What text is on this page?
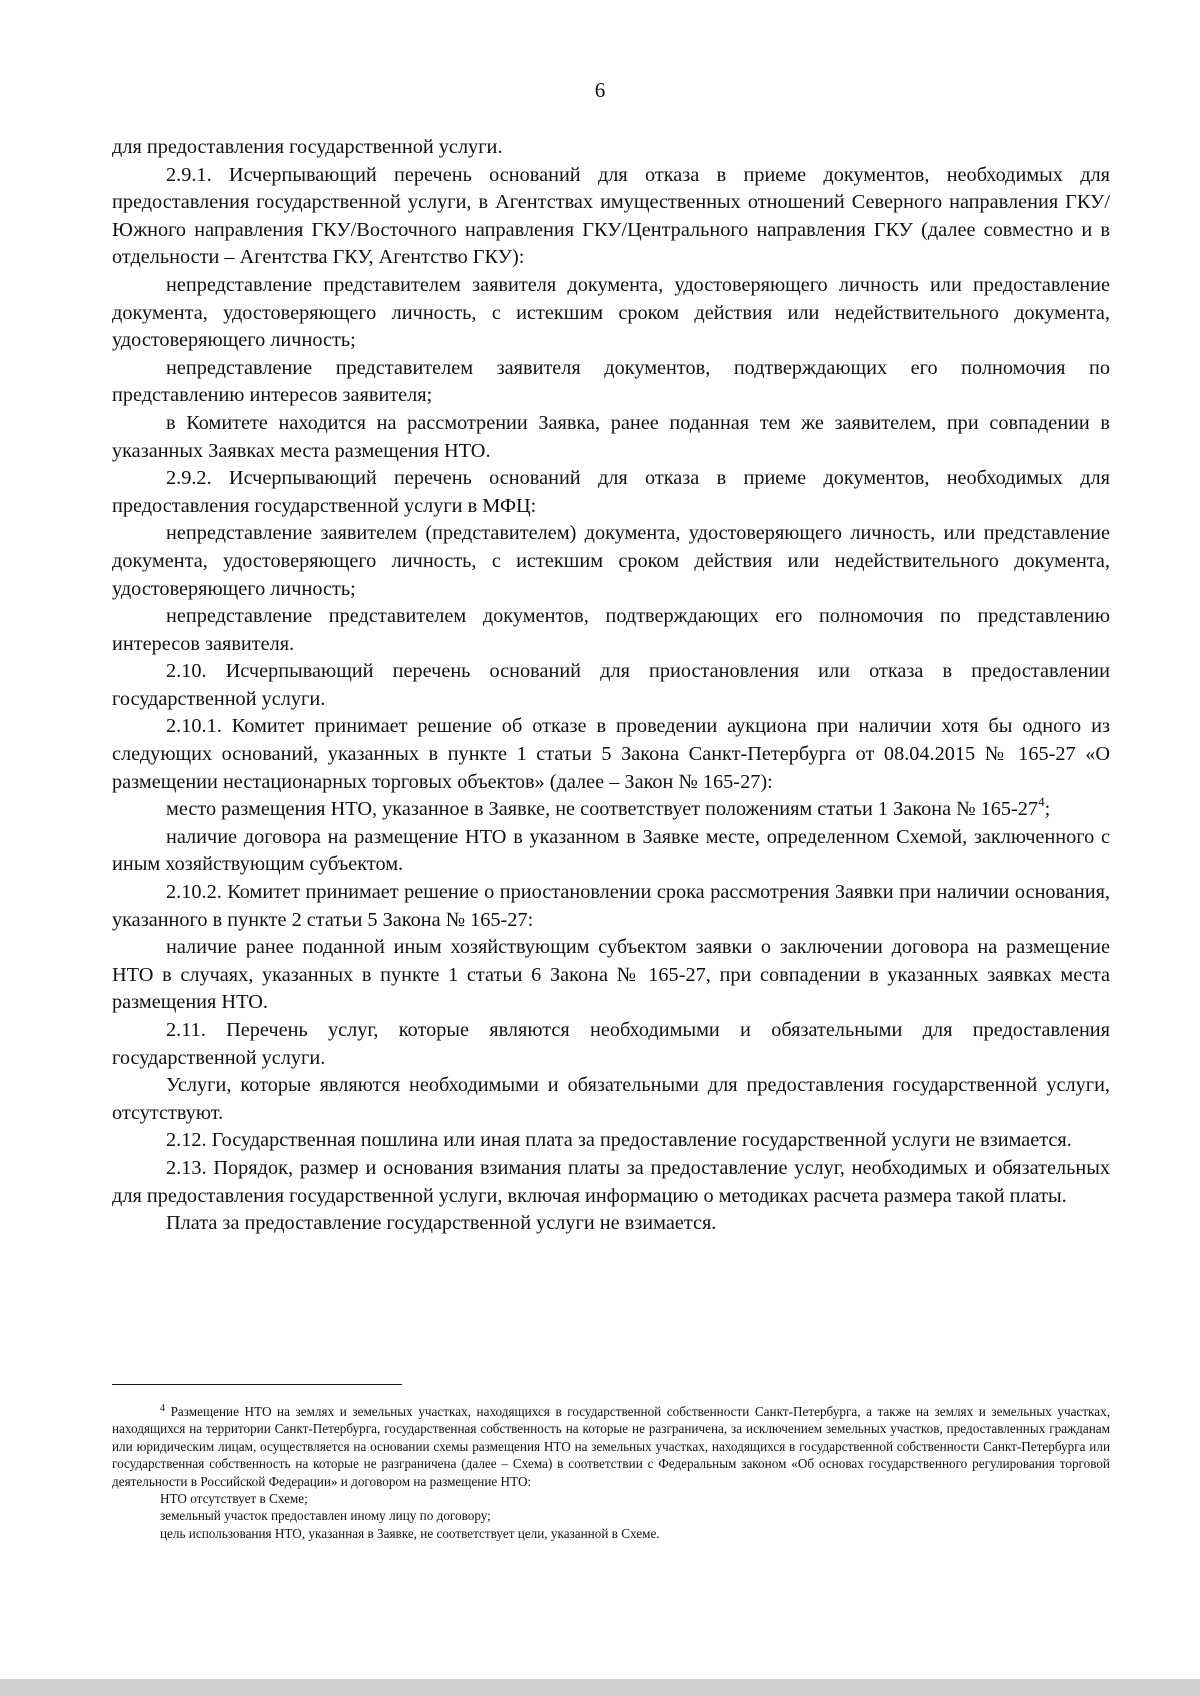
6

для предоставления государственной услуги.

2.9.1. Исчерпывающий перечень оснований для отказа в приеме документов, необходимых для предоставления государственной услуги, в Агентствах имущественных отношений Северного направления ГКУ/Южного направления ГКУ/Восточного направления ГКУ/Центрального направления ГКУ (далее совместно и в отдельности – Агентства ГКУ, Агентство ГКУ):

непредставление представителем заявителя документа, удостоверяющего личность или предоставление документа, удостоверяющего личность, с истекшим сроком действия или недействительного документа, удостоверяющего личность;

непредставление представителем заявителя документов, подтверждающих его полномочия по представлению интересов заявителя;

в Комитете находится на рассмотрении Заявка, ранее поданная тем же заявителем, при совпадении в указанных Заявках места размещения НТО.

2.9.2. Исчерпывающий перечень оснований для отказа в приеме документов, необходимых для предоставления государственной услуги в МФЦ:

непредставление заявителем (представителем) документа, удостоверяющего личность, или представление документа, удостоверяющего личность, с истекшим сроком действия или недействительного документа, удостоверяющего личность;

непредставление представителем документов, подтверждающих его полномочия по представлению интересов заявителя.

2.10. Исчерпывающий перечень оснований для приостановления или отказа в предоставлении государственной услуги.

2.10.1. Комитет принимает решение об отказе в проведении аукциона при наличии хотя бы одного из следующих оснований, указанных в пункте 1 статьи 5 Закона Санкт-Петербурга от 08.04.2015 № 165-27 «О размещении нестационарных торговых объектов» (далее – Закон № 165-27):

место размещения НТО, указанное в Заявке, не соответствует положениям статьи 1 Закона № $165-27^4$;

наличие договора на размещение НТО в указанном в Заявке месте, определенном Схемой, заключенного с иным хозяйствующим субъектом.

2.10.2. Комитет принимает решение о приостановлении срока рассмотрения Заявки при наличии основания, указанного в пункте 2 статьи 5 Закона № 165-27:

наличие ранее поданной иным хозяйствующим субъектом заявки о заключении договора на размещение НТО в случаях, указанных в пункте 1 статьи 6 Закона № 165-27, при совпадении в указанных заявках места размещения НТО.

2.11. Перечень услуг, которые являются необходимыми и обязательными для предоставления государственной услуги.

Услуги, которые являются необходимыми и обязательными для предоставления государственной услуги, отсутствуют.

2.12. Государственная пошлина или иная плата за предоставление государственной услуги не взимается.

2.13. Порядок, размер и основания взимания платы за предоставление услуг, необходимых и обязательных для предоставления государственной услуги, включая информацию о методиках расчета размера такой платы.

Плата за предоставление государственной услуги не взимается.

$^4$ Размещение НТО на землях и земельных участках, находящихся в государственной собственности Санкт-Петербурга, а также на землях и земельных участках, находящихся на территории Санкт-Петербурга, государственная собственность на которые не разграничена, за исключением земельных участков, предоставленных гражданам или юридическим лицам, осуществляется на основании схемы размещения НТО на земельных участках, находящихся в государственной собственности Санкт-Петербурга или государственная собственность на которые не разграничена (далее – Схема) в соответствии с Федеральным законом «Об основах государственного регулирования торговой деятельности в Российской Федерации» и договором на размещение НТО:

НТО отсутствует в Схеме;

земельный участок предоставлен иному лицу по договору;

цель использования НТО, указанная в Заявке, не соответствует цели, указанной в Схеме.
